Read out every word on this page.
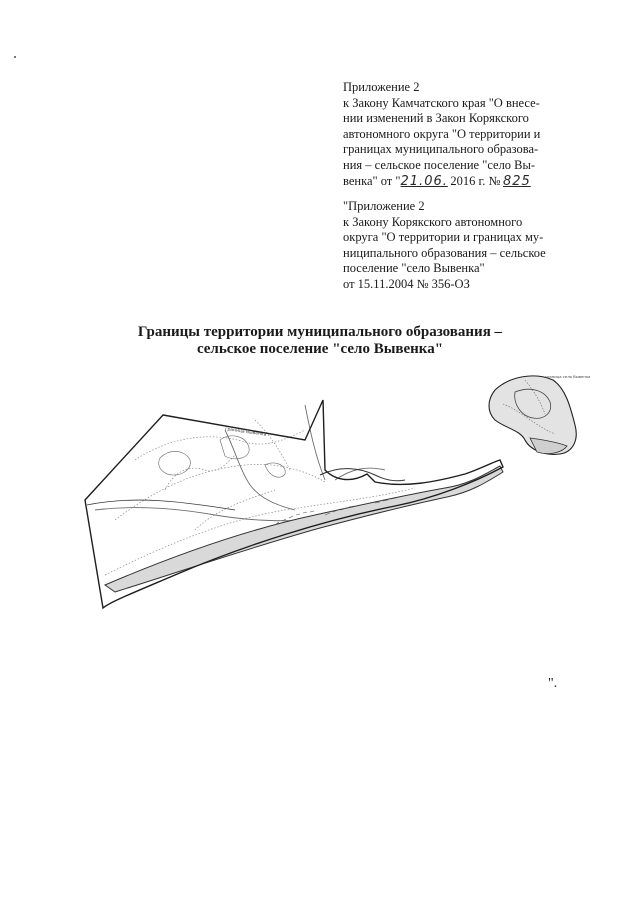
Приложение 2

к Закону Камчатского края "О внесе-

нии изменений в Закон Корякского

автономного округа "О территории и

границах муниципального образова-

ния – сельское поселение "село Вы-

венка" от "21.06.  2016 г. №  825

"Приложение 2

к Закону Корякского автономного

округа "О территории и границах му-

ниципального образования – сельское

поселение "село Вывенка"

от 15.11.2004 № 356-ОЗ

Границы территории муниципального образования –
сельское поселение "село Вывенка"
граница Вывенка
граница село Вывенка
".
